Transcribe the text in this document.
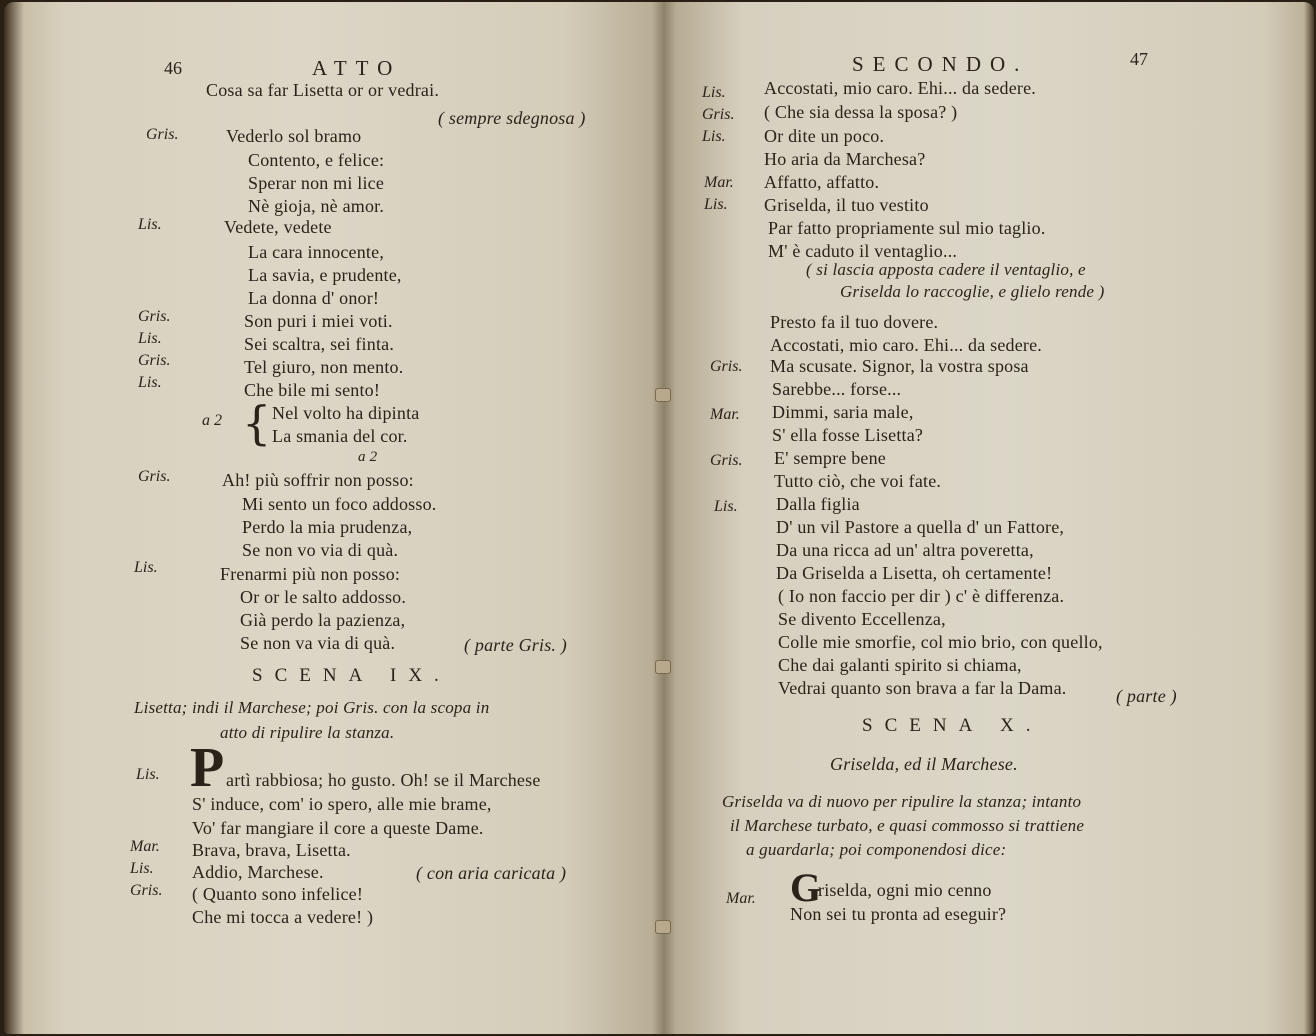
46	ATTO
Cosa sa far Lisetta or or vedrai.
( sempre sdegnosa )
Gris.	Vederlo sol bramo
Contento, e felice:
Sperar non mi lice
Nè gioja, nè amor.
Lis.	Vedete, vedete
La cara innocente,
La savia, e prudente,
La donna d' onor!
Gris.	Son puri i miei voti.
Lis.	Sei scaltra, sei finta.
Gris.	Tel giuro, non mento.
Lis.	Che bile mi sento!
a 2 { Nel volto ha dipinta
La smania del cor.
a 2
Gris.	Ah! più soffrir non posso:
Mi sento un foco addosso.
Perdo la mia prudenza,
Se non vo via di quà.
Lis.	Frenarmi più non posso:
Or or le salto addosso.
Già perdo la pazienza,
Se non va via di quà.	( parte Gris. )
SCENA IX.
Lisetta; indi il Marchese; poi Gris. con la scopa in
atto di ripulire la stanza.
Lis. P artì rabbiosa; ho gusto. Oh! se il Marchese
S' induce, com' io spero, alle mie brame,
Vo' far mangiare il core a queste Dame.
Mar. Brava, brava, Lisetta.
Lis. Addio, Marchese.	( con aria caricata )
Gris. ( Quanto sono infelice!
Che mi tocca a vedere! )
SECONDO.	47
Lis. Accostati, mio caro. Ehi... da sedere.
Gris. ( Che sia dessa la sposa? )
Lis. Or dite un poco.
Ho aria da Marchesa?
Mar. Affatto, affatto.
Lis. Griselda, il tuo vestito
Par fatto propriamente sul mio taglio.
M' è caduto il ventaglio...
( si lascia apposta cadere il ventaglio, e
Griselda lo raccoglie, e glielo rende )
Presto fa il tuo dovere.
Accostati, mio caro. Ehi... da sedere.
Gris. Ma scusate. Signor, la vostra sposa
Sarebbe... forse...
Mar. Dimmi, saria male,
S' ella fosse Lisetta?
Gris. E' sempre bene
Tutto ciò, che voi fate.
Lis. Dalla figlia
D' un vil Pastore a quella d' un Fattore,
Da una ricca ad un' altra poveretta,
Da Griselda a Lisetta, oh certamente!
( Io non faccio per dir ) c' è differenza.
Se divento Eccellenza,
Colle mie smorfie, col mio brio, con quello,
Che dai galanti spirito si chiama,
Vedrai quanto son brava a far la Dama.	( parte )
SCENA X.
Griselda, ed il Marchese.
Griselda va di nuovo per ripulire la stanza; intanto
il Marchese turbato, e quasi commosso si trattiene
a guardarla; poi componendosi dice:
Mar. G
riselda, ogni mio cenno
Non sei tu pronta ad eseguir?
